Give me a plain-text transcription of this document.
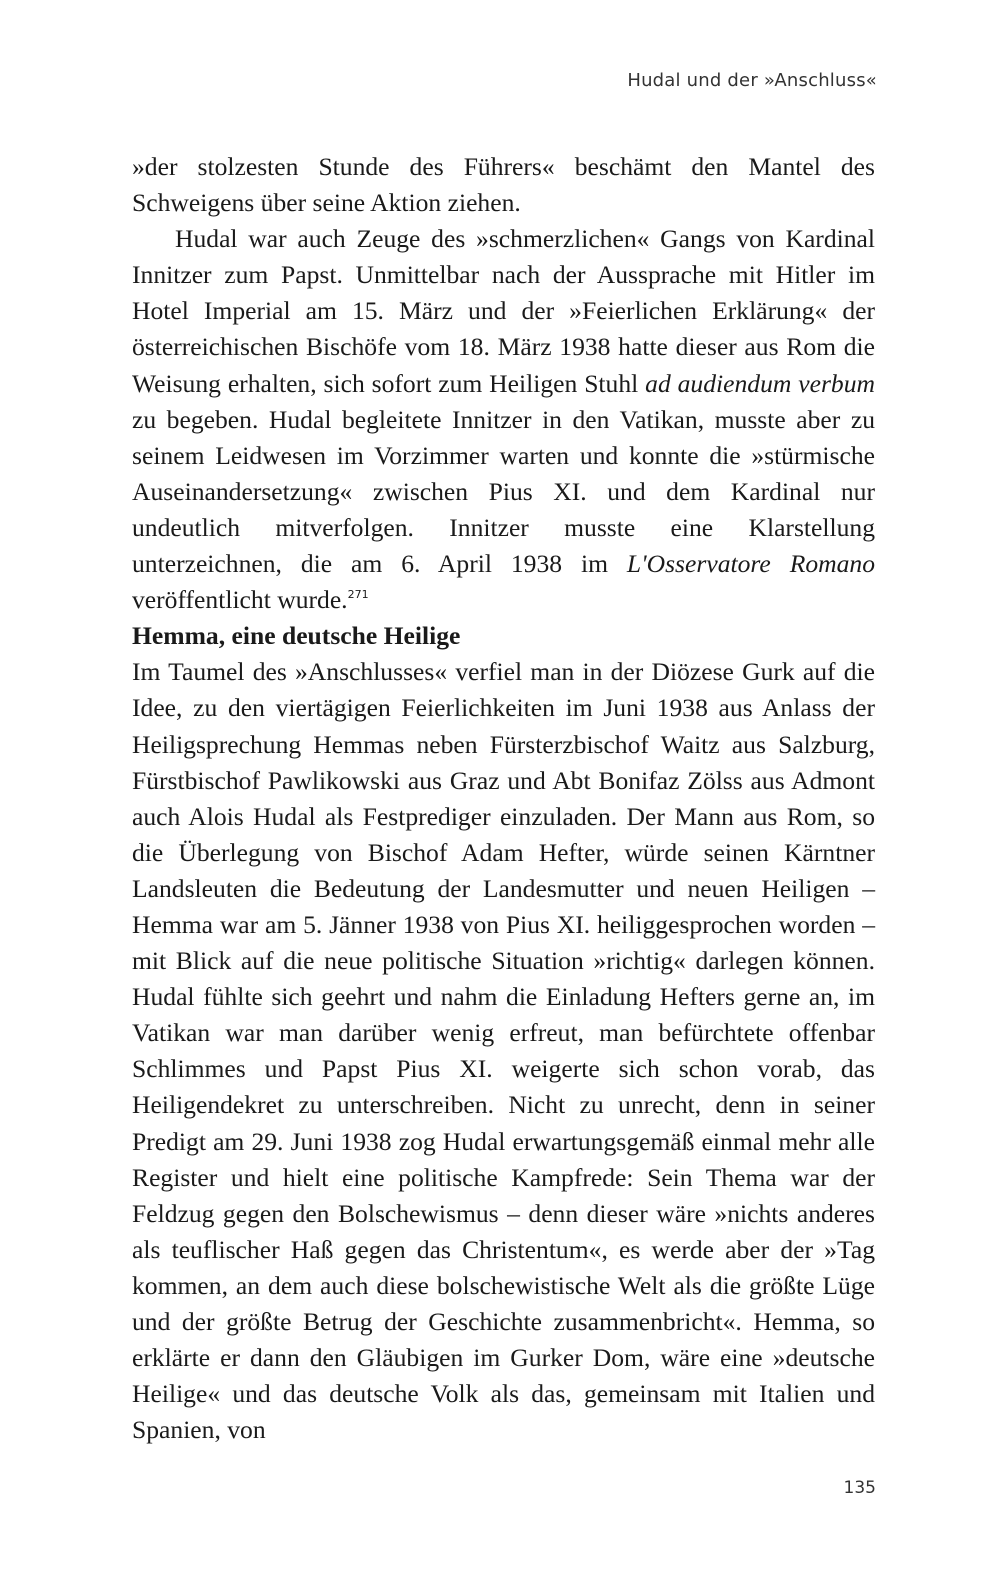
Hudal und der »Anschluss«

»der stolzesten Stunde des Führers« beschämt den Mantel des Schweigens über seine Aktion ziehen.

Hudal war auch Zeuge des »schmerzlichen« Gangs von Kardinal Innitzer zum Papst. Unmittelbar nach der Aussprache mit Hitler im Hotel Imperial am 15. März und der »Feierlichen Erklärung« der österreichischen Bischöfe vom 18. März 1938 hatte dieser aus Rom die Weisung erhalten, sich sofort zum Heiligen Stuhl ad audiendum verbum zu begeben. Hudal begleitete Innitzer in den Vatikan, musste aber zu seinem Leidwesen im Vorzimmer warten und konnte die »stürmische Auseinandersetzung« zwischen Pius XI. und dem Kardinal nur undeutlich mitverfolgen. Innitzer musste eine Klarstellung unterzeichnen, die am 6. April 1938 im L'Osservatore Romano veröffentlicht wurde.$^{271}$

Hemma, eine deutsche Heilige

Im Taumel des »Anschlusses« verfiel man in der Diözese Gurk auf die Idee, zu den viertägigen Feierlichkeiten im Juni 1938 aus Anlass der Heiligsprechung Hemmas neben Fürsterzbischof Waitz aus Salzburg, Fürstbischof Pawlikowski aus Graz und Abt Bonifaz Zölss aus Admont auch Alois Hudal als Festprediger einzuladen. Der Mann aus Rom, so die Überlegung von Bischof Adam Hefter, würde seinen Kärntner Landsleuten die Bedeutung der Landesmutter und neuen Heiligen – Hemma war am 5. Jänner 1938 von Pius XI. heiliggesprochen worden – mit Blick auf die neue politische Situation »richtig« darlegen können. Hudal fühlte sich geehrt und nahm die Einladung Hefters gerne an, im Vatikan war man darüber wenig erfreut, man befürchtete offenbar Schlimmes und Papst Pius XI. weigerte sich schon vorab, das Heiligendekret zu unterschreiben. Nicht zu unrecht, denn in seiner Predigt am 29. Juni 1938 zog Hudal erwartungsgemäß einmal mehr alle Register und hielt eine politische Kampfrede: Sein Thema war der Feldzug gegen den Bolschewismus – denn dieser wäre »nichts anderes als teuflischer Haß gegen das Christentum«, es werde aber der »Tag kommen, an dem auch diese bolschewistische Welt als die größte Lüge und der größte Betrug der Geschichte zusammenbricht«. Hemma, so erklärte er dann den Gläubigen im Gurker Dom, wäre eine »deutsche Heilige« und das deutsche Volk als das, gemeinsam mit Italien und Spanien, von

135
